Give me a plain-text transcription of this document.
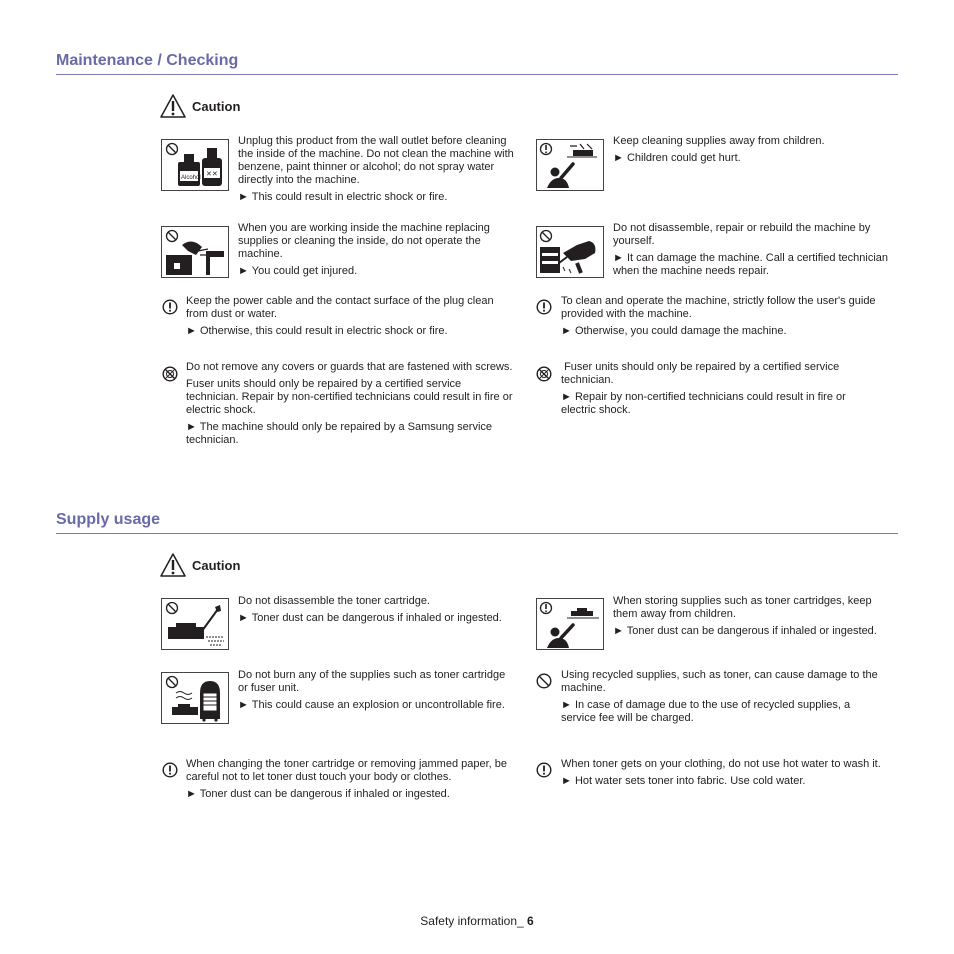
Maintenance / Checking
Caution
Alcohol ✕✕

Unplug this product from the wall outlet before cleaning the inside of the machine. Do not clean the machine with benzene, paint thinner or alcohol; do not spray water directly into the machine.

► This could result in electric shock or fire.

Keep cleaning supplies away from children.

► Children could get hurt.

When you are working inside the machine replacing supplies or cleaning the inside, do not operate the machine.

► You could get injured.

Do not disassemble, repair or rebuild the machine by yourself.

► It can damage the machine. Call a certified technician when the machine needs repair.

Keep the power cable and the contact surface of the plug clean from dust or water.

► Otherwise, this could result in electric shock or fire.

To clean and operate the machine, strictly follow the user's guide provided with the machine.

► Otherwise, you could damage the machine.

Do not remove any covers or guards that are fastened with screws.

Fuser units should only be repaired by a certified service technician. Repair by non-certified technicians could result in fire or electric shock.

► The machine should only be repaired by a Samsung service technician.

Fuser units should only be repaired by a certified service technician.

► Repair by non-certified technicians could result in fire or electric shock.

Supply usage
Caution

Do not disassemble the toner cartridge.

► Toner dust can be dangerous if inhaled or ingested.

When storing supplies such as toner cartridges, keep them away from children.

► Toner dust can be dangerous if inhaled or ingested.

Do not burn any of the supplies such as toner cartridge or fuser unit.

► This could cause an explosion or uncontrollable fire.

Using recycled supplies, such as toner, can cause damage to the machine.

► In case of damage due to the use of recycled supplies, a service fee will be charged.

When changing the toner cartridge or removing jammed paper, be careful not to let toner dust touch your body or clothes.

► Toner dust can be dangerous if inhaled or ingested.

When toner gets on your clothing, do not use hot water to wash it.

► Hot water sets toner into fabric. Use cold water.

Safety information_ 6
